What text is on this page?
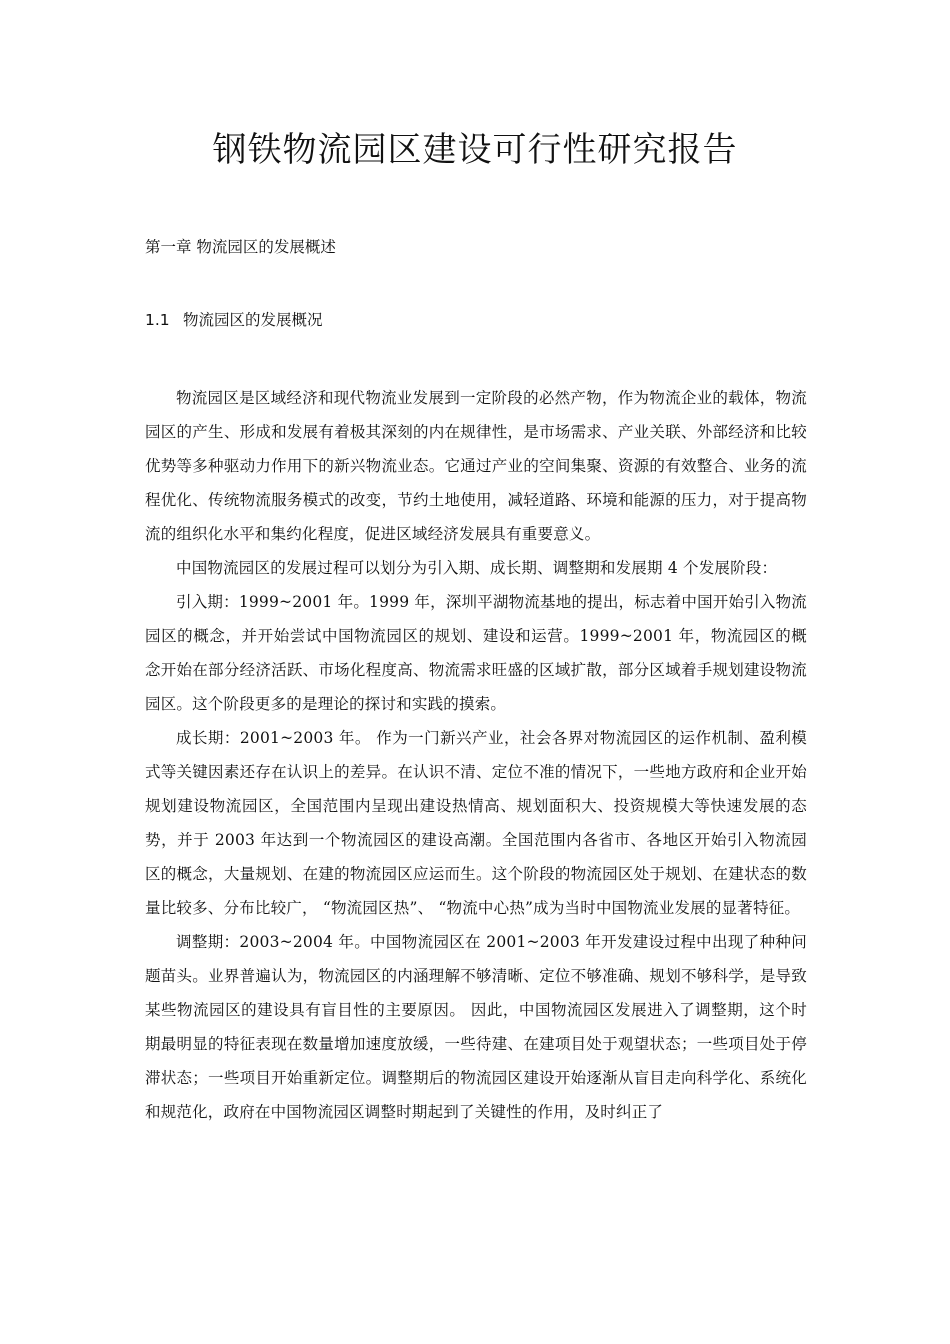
钢铁物流园区建设可行性研究报告
第一章 物流园区的发展概述
1.1 物流园区的发展概况

物流园区是区域经济和现代物流业发展到一定阶段的必然产物，作为物流企业的载体，物流园区的产生、形成和发展有着极其深刻的内在规律性，是市场需求、产业关联、外部经济和比较优势等多种驱动力作用下的新兴物流业态。它通过产业的空间集聚、资源的有效整合、业务的流程优化、传统物流服务模式的改变，节约土地使用，减轻道路、环境和能源的压力，对于提高物流的组织化水平和集约化程度，促进区域经济发展具有重要意义。

中国物流园区的发展过程可以划分为引入期、成长期、调整期和发展期 4 个发展阶段：

引入期：1999~2001 年。1999 年，深圳平湖物流基地的提出，标志着中国开始引入物流园区的概念，并开始尝试中国物流园区的规划、建设和运营。1999~2001 年，物流园区的概念开始在部分经济活跃、市场化程度高、物流需求旺盛的区域扩散，部分区域着手规划建设物流园区。这个阶段更多的是理论的探讨和实践的摸索。

成长期：2001~2003 年。 作为一门新兴产业，社会各界对物流园区的运作机制、盈利模式等关键因素还存在认识上的差异。在认识不清、定位不准的情况下，一些地方政府和企业开始规划建设物流园区，全国范围内呈现出建设热情高、规划面积大、投资规模大等快速发展的态势，并于 2003 年达到一个物流园区的建设高潮。全国范围内各省市、各地区开始引入物流园区的概念，大量规划、在建的物流园区应运而生。这个阶段的物流园区处于规划、在建状态的数量比较多、分布比较广， “物流园区热”、 “物流中心热”成为当时中国物流业发展的显著特征。

调整期：2003~2004 年。中国物流园区在 2001~2003 年开发建设过程中出现了种种问题苗头。业界普遍认为，物流园区的内涵理解不够清晰、定位不够准确、规划不够科学，是导致某些物流园区的建设具有盲目性的主要原因。 因此，中国物流园区发展进入了调整期，这个时期最明显的特征表现在数量增加速度放缓，一些待建、在建项目处于观望状态；一些项目处于停滞状态；一些项目开始重新定位。调整期后的物流园区建设开始逐渐从盲目走向科学化、系统化和规范化，政府在中国物流园区调整时期起到了关键性的作用，及时纠正了
